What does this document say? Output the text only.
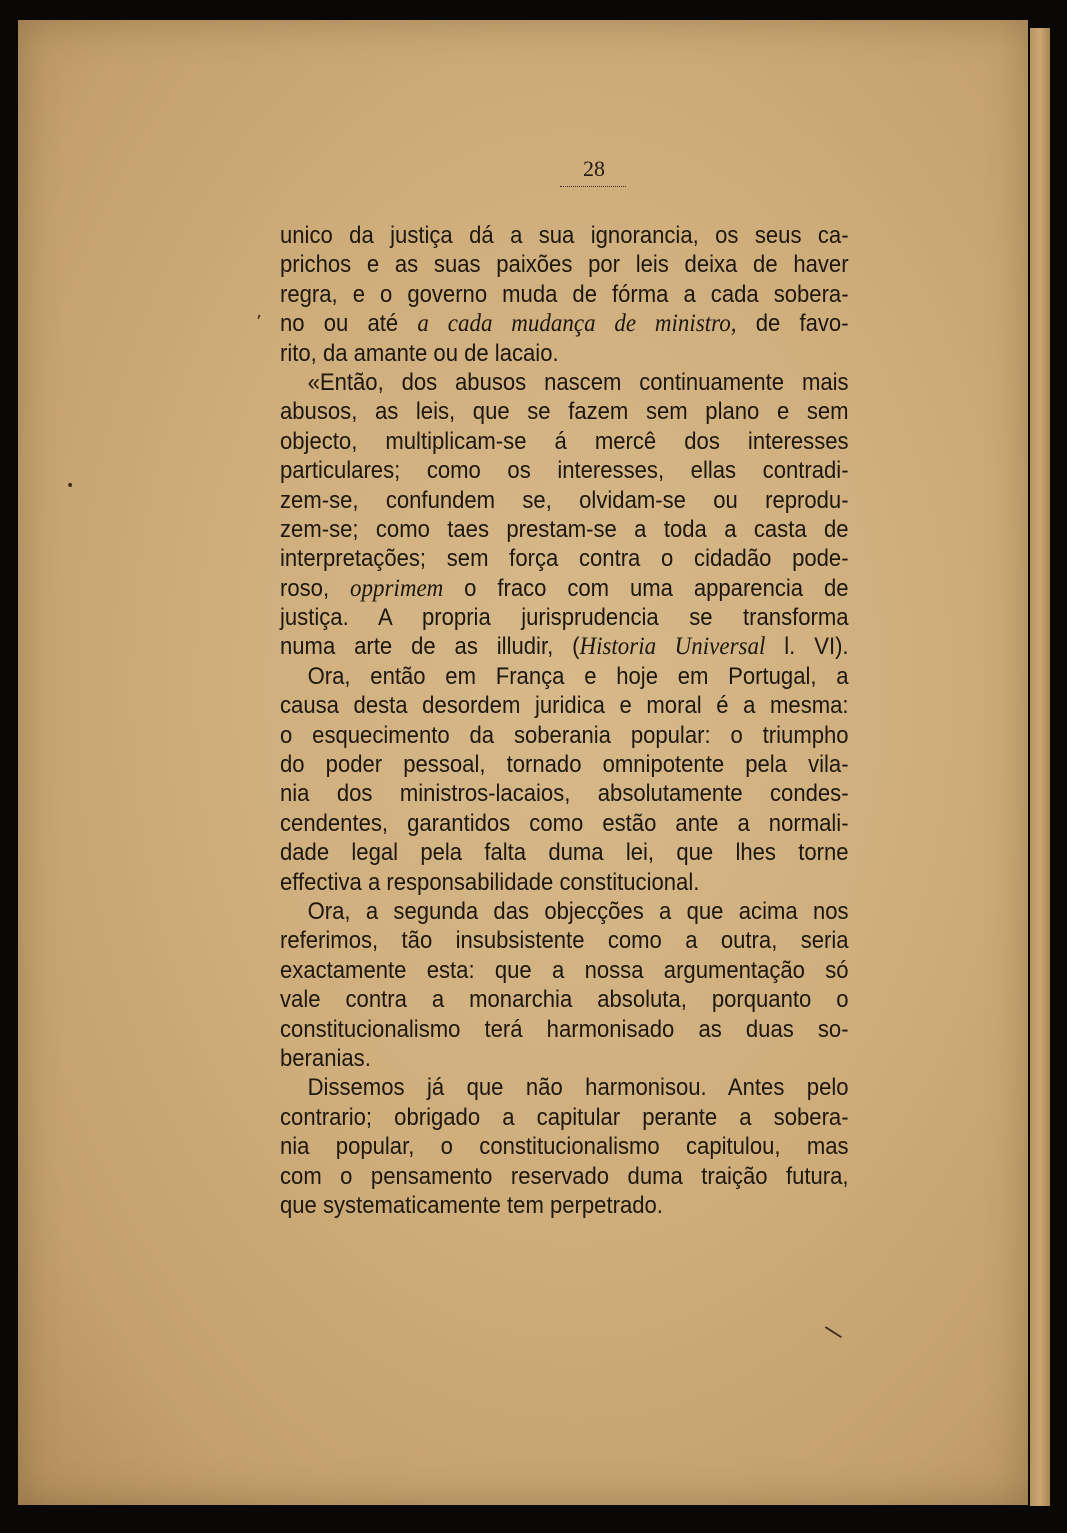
28
ʼ
•
\
unico da justiça dá a sua ignorancia, os seus ca-
prichos e as suas paixões por leis deixa de haver
regra, e o governo muda de fórma a cada sobera-
no ou até a cada mudança de ministro, de favo-
rito, da amante ou de lacaio.
«Então, dos abusos nascem continuamente mais
abusos, as leis, que se fazem sem plano e sem
objecto, multiplicam-se á mercê dos interesses
particulares; como os interesses, ellas contradi-
zem-se, confundem se, olvidam-se ou reprodu-
zem-se; como taes prestam-se a toda a casta de
interpretações; sem força contra o cidadão pode-
roso, opprimem o fraco com uma apparencia de
justiça. A propria jurisprudencia se transforma
numa arte de as illudir, (Historia Universal l. VI).
Ora, então em França e hoje em Portugal, a
causa desta desordem juridica e moral é a mesma:
o esquecimento da soberania popular: o triumpho
do poder pessoal, tornado omnipotente pela vila-
nia dos ministros-lacaios, absolutamente condes-
cendentes, garantidos como estão ante a normali-
dade legal pela falta duma lei, que lhes torne
effectiva a responsabilidade constitucional.
Ora, a segunda das objecções a que acima nos
referimos, tão insubsistente como a outra, seria
exactamente esta: que a nossa argumentação só
vale contra a monarchia absoluta, porquanto o
constitucionalismo terá harmonisado as duas so-
beranias.
Dissemos já que não harmonisou. Antes pelo
contrario; obrigado a capitular perante a sobera-
nia popular, o constitucionalismo capitulou, mas
com o pensamento reservado duma traição futura,
que systematicamente tem perpetrado.
